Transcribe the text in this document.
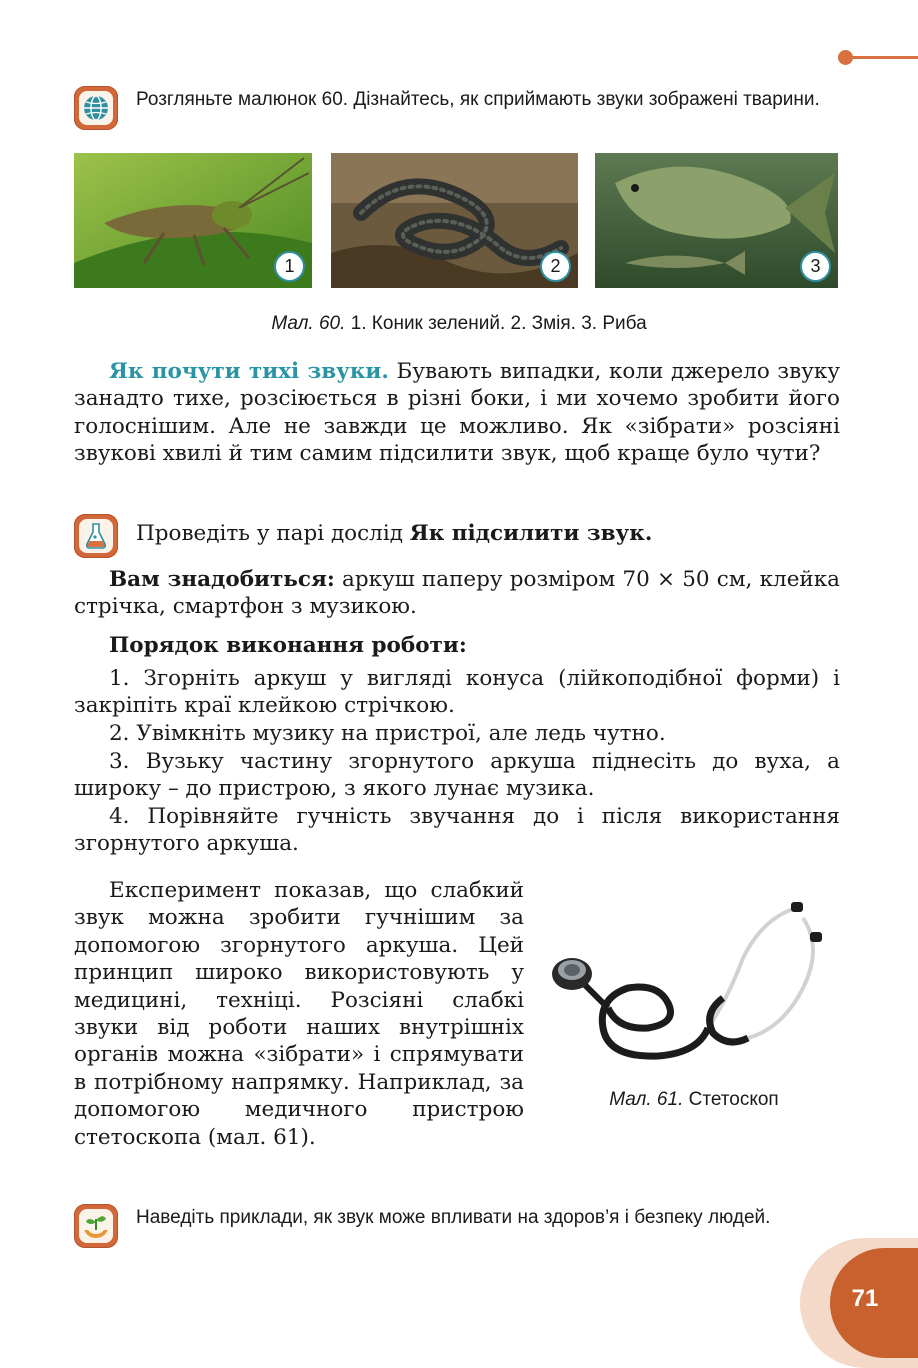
Розгляньте малюнок 60. Дізнайтесь, як сприймають звуки зображені тварини.
1	2	3
Мал. 60. 1. Коник зелений. 2. Змія. 3. Риба
Як почути тихі звуки. Бувають випадки, коли джерело звуку занадто тихе, розсіюється в різні боки, і ми хочемо зробити його голоснішим. Але не завжди це можливо. Як «зібрати» розсіяні звукові хвилі й тим самим підсилити звук, щоб краще було чути?
Проведіть у парі дослід Як підсилити звук.
Вам знадобиться: аркуш паперу розміром 70 × 50 см, клейка стрічка, смартфон з музикою.
Порядок виконання роботи:
1. Згорніть аркуш у вигляді конуса (лійкоподібної форми) і закріпіть краї клейкою стрічкою.
2. Увімкніть музику на пристрої, але ледь чутно.
3. Вузьку частину згорнутого аркуша піднесіть до вуха, а широку – до пристрою, з якого лунає музика.
4. Порівняйте гучність звучання до і після використання згорнутого аркуша.
Експеримент показав, що слабкий звук можна зробити гучнішим за допомогою згорнутого аркуша. Цей принцип широко використовують у медицині, техніці. Розсіяні слабкі звуки від роботи наших внутрішніх органів можна «зібрати» і спрямувати в потрібному напрямку. Наприклад, за допомогою медичного пристрою стетоскопа (мал. 61).
Мал. 61. Стетоскоп
Наведіть приклади, як звук може впливати на здоров’я і безпеку людей.
71
